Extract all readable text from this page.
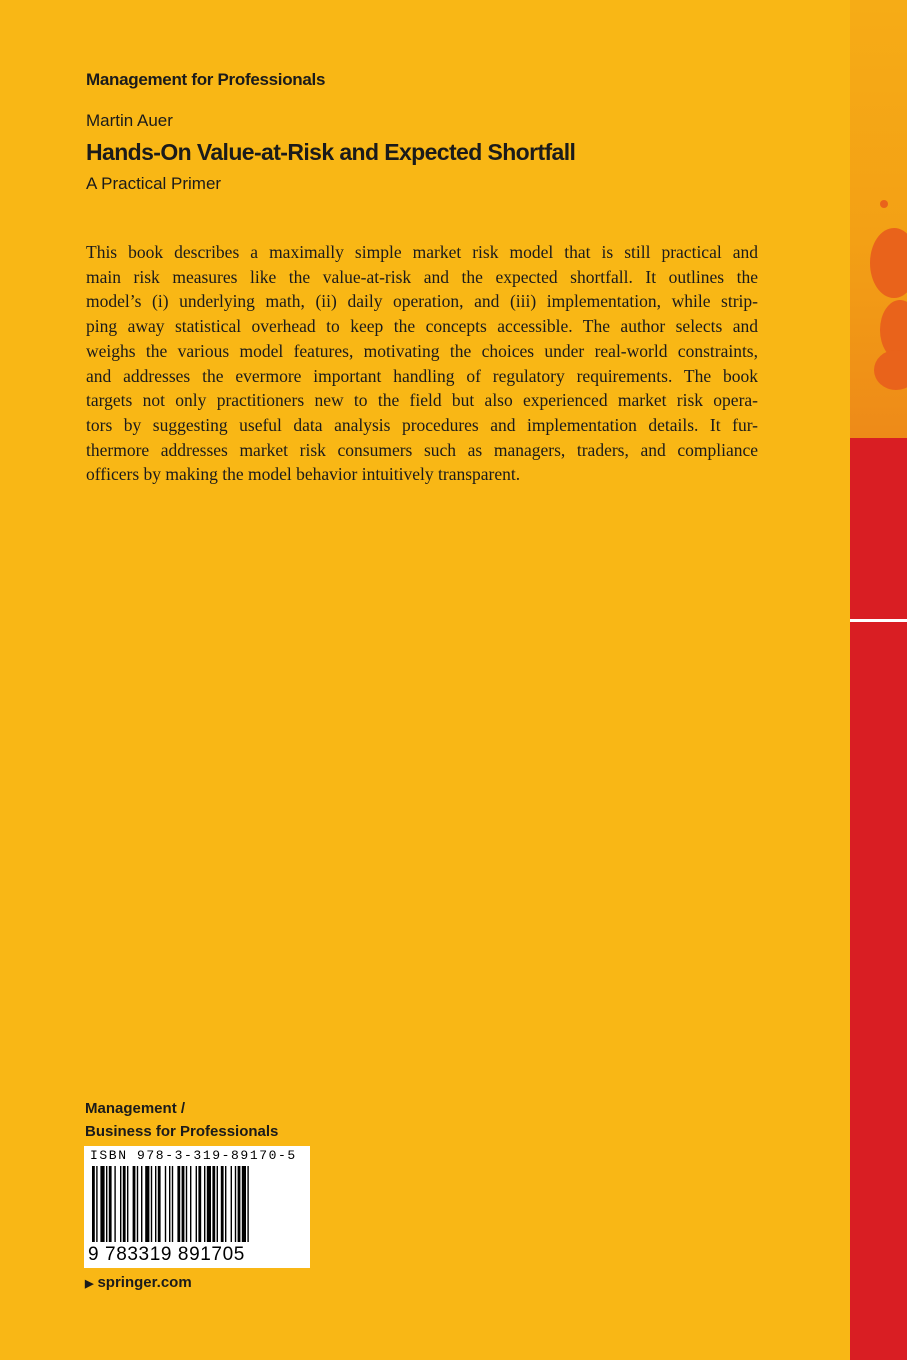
Management for Professionals
Martin Auer
Hands-On Value-at-Risk and Expected Shortfall
A Practical Primer

This book describes a maximally simple market risk model that is still practical and
main risk measures like the value-at-risk and the expected shortfall. It outlines the
model’s (i) underlying math, (ii) daily operation, and (iii) implementation, while strip-
ping away statistical overhead to keep the concepts accessible. The author selects and
weighs the various model features, motivating the choices under real-world constraints,
and addresses the evermore important handling of regulatory requirements. The book
targets not only practitioners new to the field but also experienced market risk opera-
tors by suggesting useful data analysis procedures and implementation details. It fur-
thermore addresses market risk consumers such as managers, traders, and compliance
officers by making the model behavior intuitively transparent.

Management /
Business for Professionals
ISBN 978-3-319-89170-5
9 783319 891705
▶ springer.com
